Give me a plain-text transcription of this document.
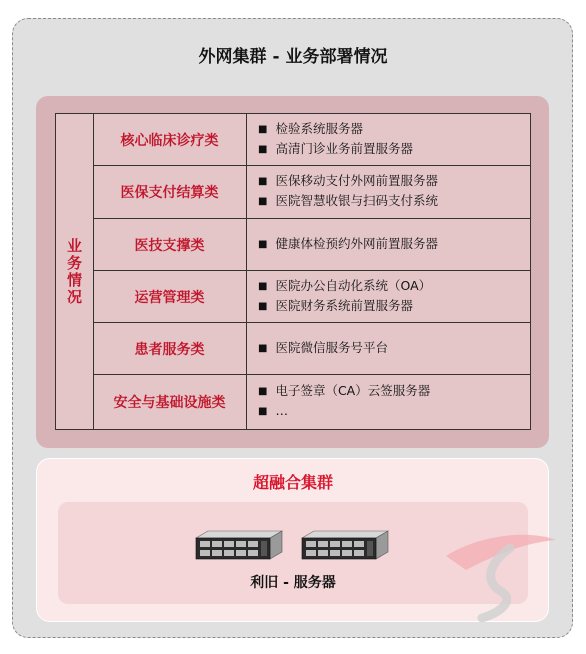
外网集群 - 业务部署情况
业务情况
核心临床诊疗类
■ 检验系统服务器
■ 高清门诊业务前置服务器
医保支付结算类
■ 医保移动支付外网前置服务器
■ 医院智慧收银与扫码支付系统
医技支撑类	■ 健康体检预约外网前置服务器
运营管理类
■ 医院办公自动化系统（OA）
■ 医院财务系统前置服务器
患者服务类	■ 医院微信服务号平台
安全与基础设施类
■ 电子签章（CA）云签服务器
■ …
超融合集群
利旧 - 服务器
